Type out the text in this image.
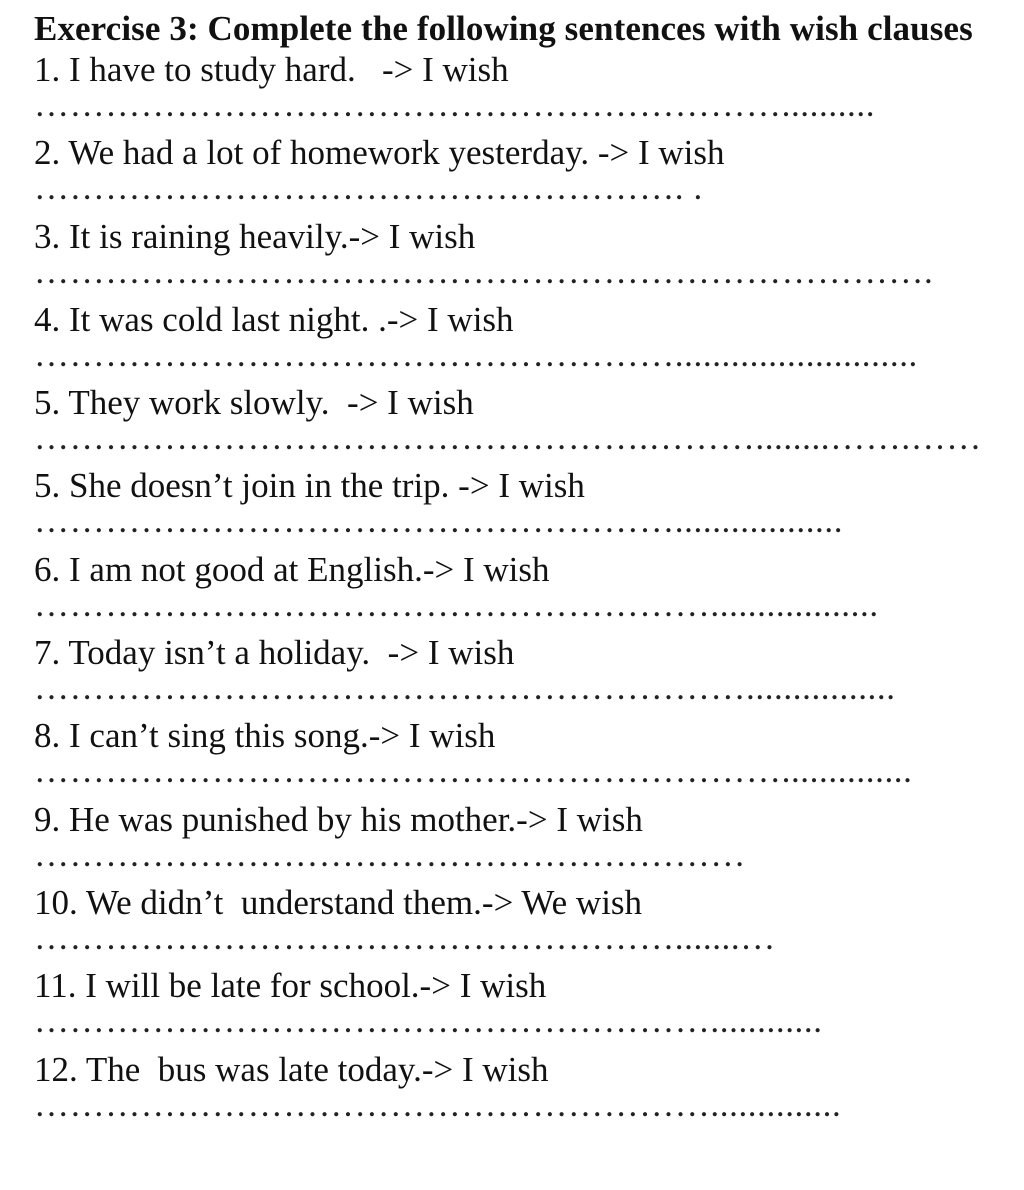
Exercise 3: Complete the following sentences with wish clauses
1. I have to study hard.   -> I wish
………………………………………………………..........
2. We had a lot of homework yesterday. -> I wish
………………………………………………. .
3. It is raining heavily.-> I wish
………………………………………………………………….
4. It was cold last night. .-> I wish
………………………………………………..........................
5. They work slowly.  -> I wish
…………………………………………….………........…….……
5. She doesn’t join in the trip. -> I wish
………………………………………………..................
6. I am not good at English.-> I wish
…………………………………………………..................
7. Today isn’t a holiday.  -> I wish
……………………………………………………................
8. I can’t sing this song.-> I wish
………………………………………………………..............
9. He was punished by his mother.-> I wish
……………………………………………………
10. We didn’t  understand them.-> We wish
……………………………………………….......…
11. I will be late for school.-> I wish
…………………………………………………............
12. The  bus was late today.-> I wish
…………………………………………………..............
